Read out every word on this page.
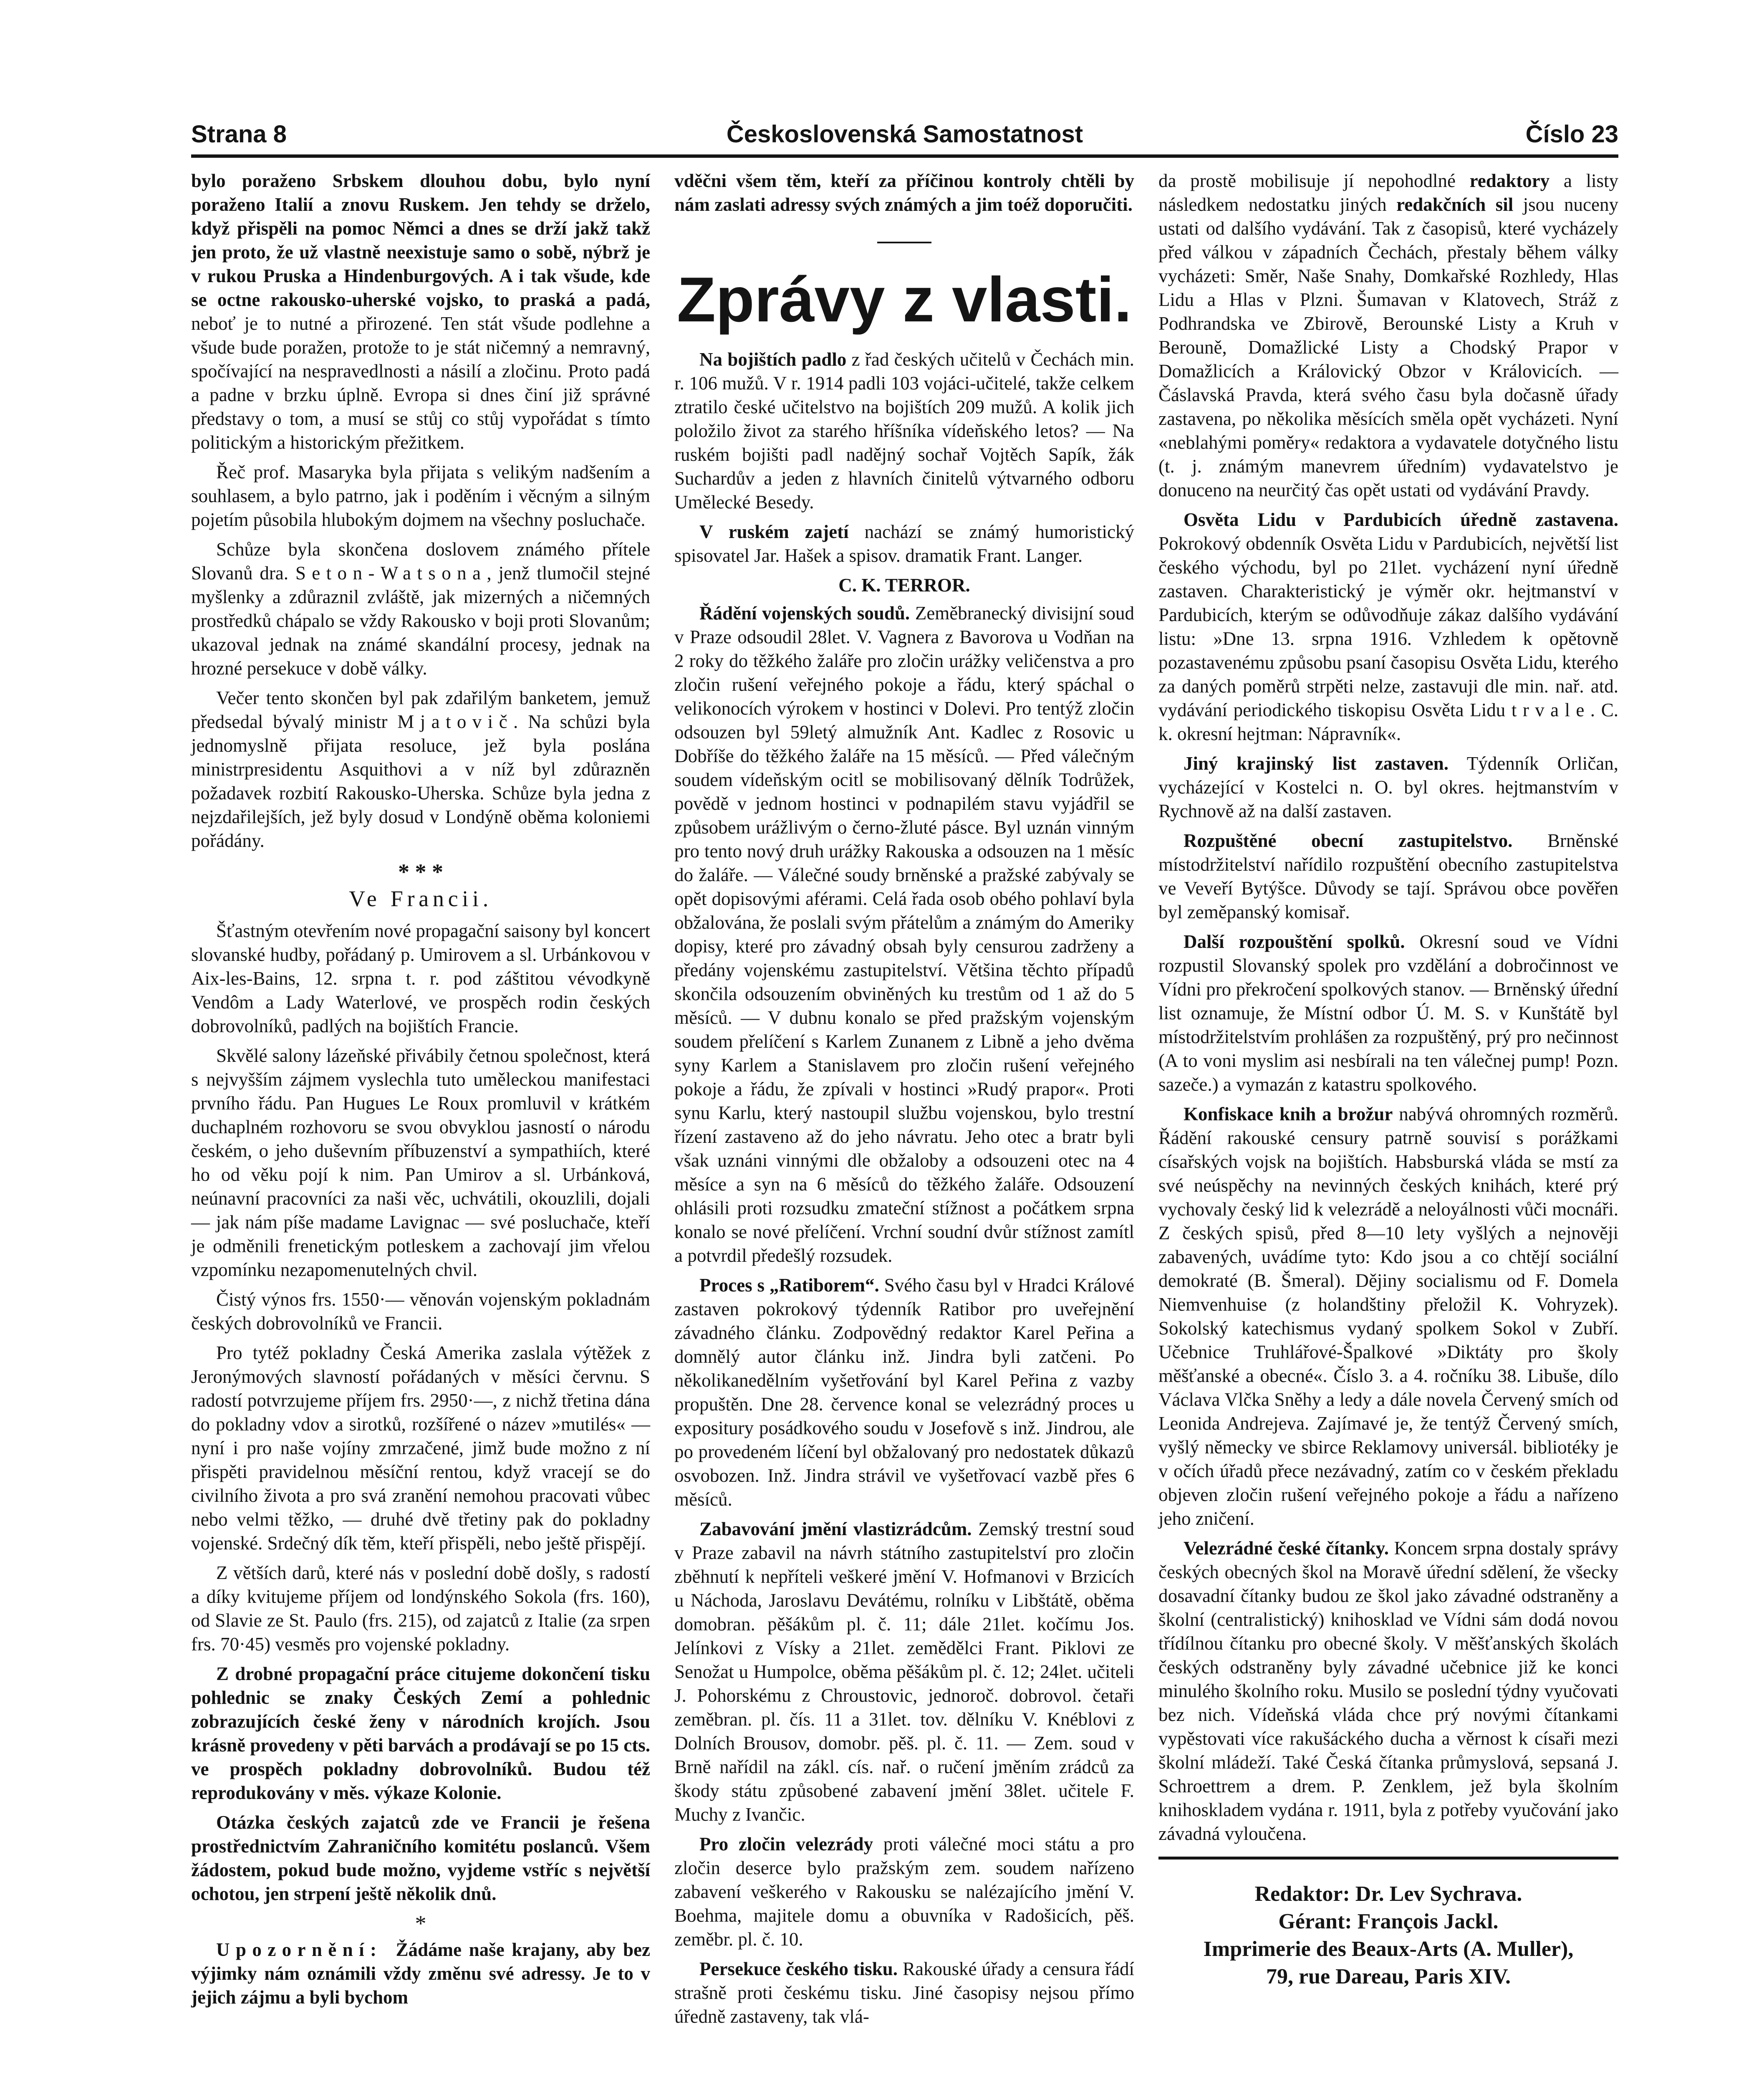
Strana 8	Československá Samostatnost	Číslo 23

bylo poraženo Srbskem dlouhou dobu, bylo nyní poraženo Italií a znovu Ruskem. Jen tehdy se drželo, když přispěli na pomoc Němci a dnes se drží jakž takž jen proto, že už vlastně neexistuje samo o sobě, nýbrž je v rukou Pruska a Hindenburgových. A i tak všude, kde se octne rakousko-uherské vojsko, to praská a padá, neboť je to nutné a přirozené. Ten stát všude podlehne a všude bude poražen, protože to je stát ničemný a nemravný, spočívající na nespravedlnosti a násilí a zločinu. Proto padá a padne v brzku úplně. Evropa si dnes činí již správné představy o tom, a musí se stůj co stůj vypořádat s tímto politickým a historickým přežitkem.

Řeč prof. Masaryka byla přijata s velikým nadšením a souhlasem, a bylo patrno, jak i poděním i věcným a silným pojetím působila hlubokým dojmem na všechny posluchače.

Schůze byla skončena doslovem známého přítele Slovanů dra. Seton-Watsona, jenž tlumočil stejné myšlenky a zdůraznil zvláště, jak mizerných a ničemných prostředků chápalo se vždy Rakousko v boji proti Slovanům; ukazoval jednak na známé skandální procesy, jednak na hrozné persekuce v době války.

Večer tento skončen byl pak zdařilým banketem, jemuž předsedal bývalý ministr Mjatovič. Na schůzi byla jednomyslně přijata resoluce, jež byla poslána ministrpresidentu Asquithovi a v níž byl zdůrazněn požadavek rozbití Rakousko-Uherska. Schůze byla jedna z nejzdařilejších, jež byly dosud v Londýně oběma koloniemi pořádány.

* * *
Ve Francii.

Šťastným otevřením nové propagační saisony byl koncert slovanské hudby, pořádaný p. Umirovem a sl. Urbánkovou v Aix-les-Bains, 12. srpna t. r. pod záštitou vévodkyně Vendôm a Lady Waterlové, ve prospěch rodin českých dobrovolníků, padlých na bojištích Francie.

Skvělé salony lázeňské přivábily četnou společnost, která s nejvyšším zájmem vyslechla tuto uměleckou manifestaci prvního řádu. Pan Hugues Le Roux promluvil v krátkém duchaplném rozhovoru se svou obvyklou jasností o národu českém, o jeho duševním příbuzenství a sympathiích, které ho od věku pojí k nim. Pan Umirov a sl. Urbánková, neúnavní pracovníci za naši věc, uchvátili, okouzlili, dojali — jak nám píše madame Lavignac — své posluchače, kteří je odměnili frenetickým potleskem a zachovají jim vřelou vzpomínku nezapomenutelných chvil.

Čistý výnos frs. 1550·— věnován vojenským pokladnám českých dobrovolníků ve Francii.

Pro tytéž pokladny Česká Amerika zaslala výtěžek z Jeronýmových slavností pořádaných v měsíci červnu. S radostí potvrzujeme příjem frs. 2950·—, z nichž třetina dána do pokladny vdov a sirotků, rozšířené o název »mutilés« — nyní i pro naše vojíny zmrzačené, jimž bude možno z ní přispěti pravidelnou měsíční rentou, když vracejí se do civilního života a pro svá zranění nemohou pracovati vůbec nebo velmi těžko, — druhé dvě třetiny pak do pokladny vojenské. Srdečný dík těm, kteří přispěli, nebo ještě přispějí.

Z větších darů, které nás v poslední době došly, s radostí a díky kvitujeme příjem od londýnského Sokola (frs. 160), od Slavie ze St. Paulo (frs. 215), od zajatců z Italie (za srpen frs. 70·45) vesměs pro vojenské pokladny.

Z drobné propagační práce citujeme dokončení tisku pohlednic se znaky Českých Zemí a pohlednic zobrazujících české ženy v národních krojích. Jsou krásně provedeny v pěti barvách a prodávají se po 15 cts. ve prospěch pokladny dobrovolníků. Budou též reprodukovány v měs. výkaze Kolonie.

Otázka českých zajatců zde ve Francii je řešena prostřednictvím Zahraničního komitétu poslanců. Všem žádostem, pokud bude možno, vyjdeme vstříc s největší ochotou, jen strpení ještě několik dnů.

*

Upozornění: Žádáme naše krajany, aby bez výjimky nám oznámili vždy změnu své adressy. Je to v jejich zájmu a byli bychom

vděčni všem těm, kteří za příčinou kontroly chtěli by nám zaslati adressy svých známých a jim toéž doporučiti.

Zprávy z vlasti.

Na bojištích padlo z řad českých učitelů v Čechách min. r. 106 mužů. V r. 1914 padli 103 vojáci-učitelé, takže celkem ztratilo české učitelstvo na bojištích 209 mužů. A kolik jich položilo život za starého hříšníka vídeňského letos? — Na ruském bojišti padl nadějný sochař Vojtěch Sapík, žák Suchardův a jeden z hlavních činitelů výtvarného odboru Umělecké Besedy.

V ruském zajetí nachází se známý humoristický spisovatel Jar. Hašek a spisov. dramatik Frant. Langer.

C. K. TERROR.

Řádění vojenských soudů. Zeměbranecký divisijní soud v Praze odsoudil 28let. V. Vagnera z Bavorova u Vodňan na 2 roky do těžkého žaláře pro zločin urážky veličenstva a pro zločin rušení veřejného pokoje a řádu, který spáchal o velikonocích výrokem v hostinci v Dolevi. Pro tentýž zločin odsouzen byl 59letý almužník Ant. Kadlec z Rosovic u Dobříše do těžkého žaláře na 15 měsíců. — Před válečným soudem vídeňským ocitl se mobilisovaný dělník Todrůžek, povědě v jednom hostinci v podnapilém stavu vyjádřil se způsobem urážlivým o černo-žluté pásce. Byl uznán vinným pro tento nový druh urážky Rakouska a odsouzen na 1 měsíc do žaláře. — Válečné soudy brněnské a pražské zabývaly se opět dopisovými aférami. Celá řada osob obého pohlaví byla obžalována, že poslali svým přátelům a známým do Ameriky dopisy, které pro závadný obsah byly censurou zadrženy a předány vojenskému zastupitelství. Většina těchto případů skončila odsouzením obviněných ku trestům od 1 až do 5 měsíců. — V dubnu konalo se před pražským vojenským soudem přelíčení s Karlem Zunanem z Libně a jeho dvěma syny Karlem a Stanislavem pro zločin rušení veřejného pokoje a řádu, že zpívali v hostinci »Rudý prapor«. Proti synu Karlu, který nastoupil službu vojenskou, bylo trestní řízení zastaveno až do jeho návratu. Jeho otec a bratr byli však uznáni vinnými dle obžaloby a odsouzeni otec na 4 měsíce a syn na 6 měsíců do těžkého žaláře. Odsouzení ohlásili proti rozsudku zmateční stížnost a počátkem srpna konalo se nové přelíčení. Vrchní soudní dvůr stížnost zamítl a potvrdil předešlý rozsudek.

Proces s „Ratiborem“. Svého času byl v Hradci Králové zastaven pokrokový týdenník Ratibor pro uveřejnění závadného článku. Zodpovědný redaktor Karel Peřina a domnělý autor článku inž. Jindra byli zatčeni. Po několikanedělním vyšetřování byl Karel Peřina z vazby propuštěn. Dne 28. července konal se velezrádný proces u expositury posádkového soudu v Josefově s inž. Jindrou, ale po provedeném líčení byl obžalovaný pro nedostatek důkazů osvobozen. Inž. Jindra strávil ve vyšetřovací vazbě přes 6 měsíců.

Zabavování jmění vlastizrádcům. Zemský trestní soud v Praze zabavil na návrh státního zastupitelství pro zločin zběhnutí k nepříteli veškeré jmění V. Hofmanovi v Brzicích u Náchoda, Jaroslavu Devátému, rolníku v Libštátě, oběma domobran. pěšákům pl. č. 11; dále 21let. kočímu Jos. Jelínkovi z Vísky a 21let. zemědělci Frant. Piklovi ze Senožat u Humpolce, oběma pěšákům pl. č. 12; 24let. učiteli J. Pohorskému z Chroustovic, jednoroč. dobrovol. četaři zeměbran. pl. čís. 11 a 31let. tov. dělníku V. Knéblovi z Dolních Brousov, domobr. pěš. pl. č. 11. — Zem. soud v Brně nařídil na zákl. cís. nař. o ručení jměním zrádců za škody státu způsobené zabavení jmění 38let. učitele F. Muchy z Ivančic.

Pro zločin velezrády proti válečné moci státu a pro zločin deserce bylo pražským zem. soudem nařízeno zabavení veškerého v Rakousku se nalézajícího jmění V. Boehma, majitele domu a obuvníka v Radošicích, pěš. zeměbr. pl. č. 10.

Persekuce českého tisku. Rakouské úřady a censura řádí strašně proti českému tisku. Jiné časopisy nejsou přímo úředně zastaveny, tak vlá-

da prostě mobilisuje jí nepohodlné redaktory a listy následkem nedostatku jiných redakčních sil jsou nuceny ustati od dalšího vydávání. Tak z časopisů, které vycházely před válkou v západních Čechách, přestaly během války vycházeti: Směr, Naše Snahy, Domkařské Rozhledy, Hlas Lidu a Hlas v Plzni. Šumavan v Klatovech, Stráž z Podhrandska ve Zbirově, Berounské Listy a Kruh v Berouně, Domažlické Listy a Chodský Prapor v Domažlicích a Královický Obzor v Královicích. — Čáslavská Pravda, která svého času byla dočasně úřady zastavena, po několika měsících směla opět vycházeti. Nyní «neblahými poměry« redaktora a vydavatele dotyčného listu (t. j. známým manevrem úředním) vydavatelstvo je donuceno na neurčitý čas opět ustati od vydávání Pravdy.

Osvěta Lidu v Pardubicích úředně zastavena. Pokrokový obdenník Osvěta Lidu v Pardubicích, největší list českého východu, byl po 21let. vycházení nyní úředně zastaven. Charakteristický je výměr okr. hejtmanství v Pardubicích, kterým se odůvodňuje zákaz dalšího vydávání listu: »Dne 13. srpna 1916. Vzhledem k opětovně pozastavenému způsobu psaní časopisu Osvěta Lidu, kterého za daných poměrů strpěti nelze, zastavuji dle min. nař. atd. vydávání periodického tiskopisu Osvěta Lidu trvale. C. k. okresní hejtman: Nápravník«.

Jiný krajinský list zastaven. Týdenník Orličan, vycházející v Kostelci n. O. byl okres. hejtmanstvím v Rychnově až na další zastaven.

Rozpuštěné obecní zastupitelstvo. Brněnské místodržitelství nařídilo rozpuštění obecního zastupitelstva ve Veveří Bytýšce. Důvody se tají. Správou obce pověřen byl zeměpanský komisař.

Další rozpouštění spolků. Okresní soud ve Vídni rozpustil Slovanský spolek pro vzdělání a dobročinnost ve Vídni pro překročení spolkových stanov. — Brněnský úřední list oznamuje, že Místní odbor Ú. M. S. v Kunštátě byl místodržitelstvím prohlášen za rozpuštěný, prý pro nečinnost (A to voni myslim asi nesbírali na ten válečnej pump! Pozn. sazeče.) a vymazán z katastru spolkového.

Konfiskace knih a brožur nabývá ohromných rozměrů. Řádění rakouské censury patrně souvisí s porážkami císařských vojsk na bojištích. Habsburská vláda se mstí za své neúspěchy na nevinných českých knihách, které prý vychovaly český lid k velezrádě a neloyálnosti vůči mocnáři. Z českých spisů, před 8—10 lety vyšlých a nejnověji zabavených, uvádíme tyto: Kdo jsou a co chtějí sociální demokraté (B. Šmeral). Dějiny socialismu od F. Domela Niemvenhuise (z holandštiny přeložil K. Vohryzek). Sokolský katechismus vydaný spolkem Sokol v Zubří. Učebnice Truhlářové-Špalkové »Diktáty pro školy měšťanské a obecné«. Číslo 3. a 4. ročníku 38. Libuše, dílo Václava Vlčka Sněhy a ledy a dále novela Červený smích od Leonida Andrejeva. Zajímavé je, že tentýž Červený smích, vyšlý německy ve sbirce Reklamovy universál. bibliotéky je v očích úřadů přece nezávadný, zatím co v českém překladu objeven zločin rušení veřejného pokoje a řádu a nařízeno jeho zničení.

Velezrádné české čítanky. Koncem srpna dostaly správy českých obecných škol na Moravě úřední sdělení, že všecky dosavadní čítanky budou ze škol jako závadné odstraněny a školní (centralistický) knihosklad ve Vídni sám dodá novou třídílnou čítanku pro obecné školy. V měšťanských školách českých odstraněny byly závadné učebnice již ke konci minulého školního roku. Musilo se poslední týdny vyučovati bez nich. Vídeňská vláda chce prý novými čítankami vypěstovati více rakušáckého ducha a věrnost k císaři mezi školní mládeží. Také Česká čítanka průmyslová, sepsaná J. Schroettrem a drem. P. Zenklem, jež byla školním knihoskladem vydána r. 1911, byla z potřeby vyučování jako závadná vyloučena.

Redaktor: Dr. Lev Sychrava.
Gérant: François Jackl.
Imprimerie des Beaux-Arts (A. Muller),
79, rue Dareau, Paris XIV.
